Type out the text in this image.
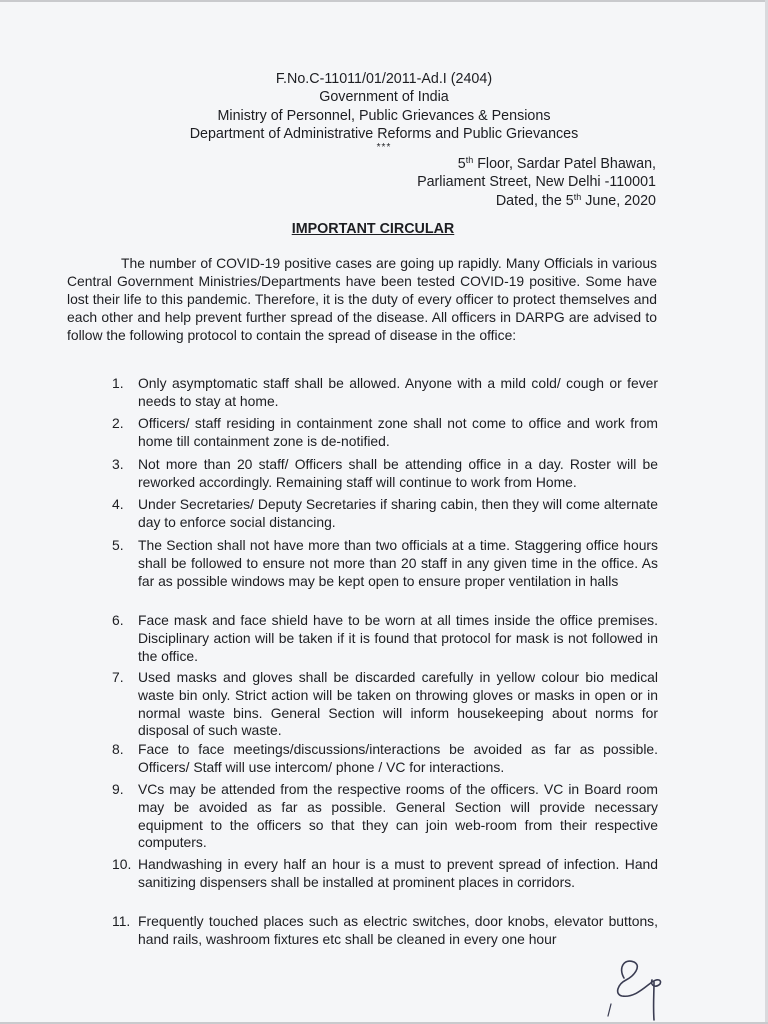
F.No.C-11011/01/2011-Ad.I (2404)
Government of India
Ministry of Personnel, Public Grievances & Pensions
Department of Administrative Reforms and Public Grievances
***
5th Floor, Sardar Patel Bhawan,
Parliament Street, New Delhi -110001
Dated, the 5th June, 2020
IMPORTANT CIRCULAR

The number of COVID-19 positive cases are going up rapidly. Many Officials in various Central Government Ministries/Departments have been tested COVID-19 positive. Some have lost their life to this pandemic. Therefore, it is the duty of every officer to protect themselves and each other and help prevent further spread of the disease. All officers in DARPG are advised to follow the following protocol to contain the spread of disease in the office:

1. Only asymptomatic staff shall be allowed. Anyone with a mild cold/ cough or fever needs to stay at home.
2. Officers/ staff residing in containment zone shall not come to office and work from home till containment zone is de-notified.
3. Not more than 20 staff/ Officers shall be attending office in a day. Roster will be reworked accordingly. Remaining staff will continue to work from Home.
4. Under Secretaries/ Deputy Secretaries if sharing cabin, then they will come alternate day to enforce social distancing.
5. The Section shall not have more than two officials at a time. Staggering office hours shall be followed to ensure not more than 20 staff in any given time in the office. As far as possible windows may be kept open to ensure proper ventilation in halls
6. Face mask and face shield have to be worn at all times inside the office premises. Disciplinary action will be taken if it is found that protocol for mask is not followed in the office.
7. Used masks and gloves shall be discarded carefully in yellow colour bio medical waste bin only. Strict action will be taken on throwing gloves or masks in open or in normal waste bins. General Section will inform housekeeping about norms for disposal of such waste.
8. Face to face meetings/discussions/interactions be avoided as far as possible. Officers/ Staff will use intercom/ phone / VC for interactions.
9. VCs may be attended from the respective rooms of the officers. VC in Board room may be avoided as far as possible. General Section will provide necessary equipment to the officers so that they can join web-room from their respective computers.
10. Handwashing in every half an hour is a must to prevent spread of infection. Hand sanitizing dispensers shall be installed at prominent places in corridors.
11. Frequently touched places such as electric switches, door knobs, elevator buttons, hand rails, washroom fixtures etc shall be cleaned in every one hour
